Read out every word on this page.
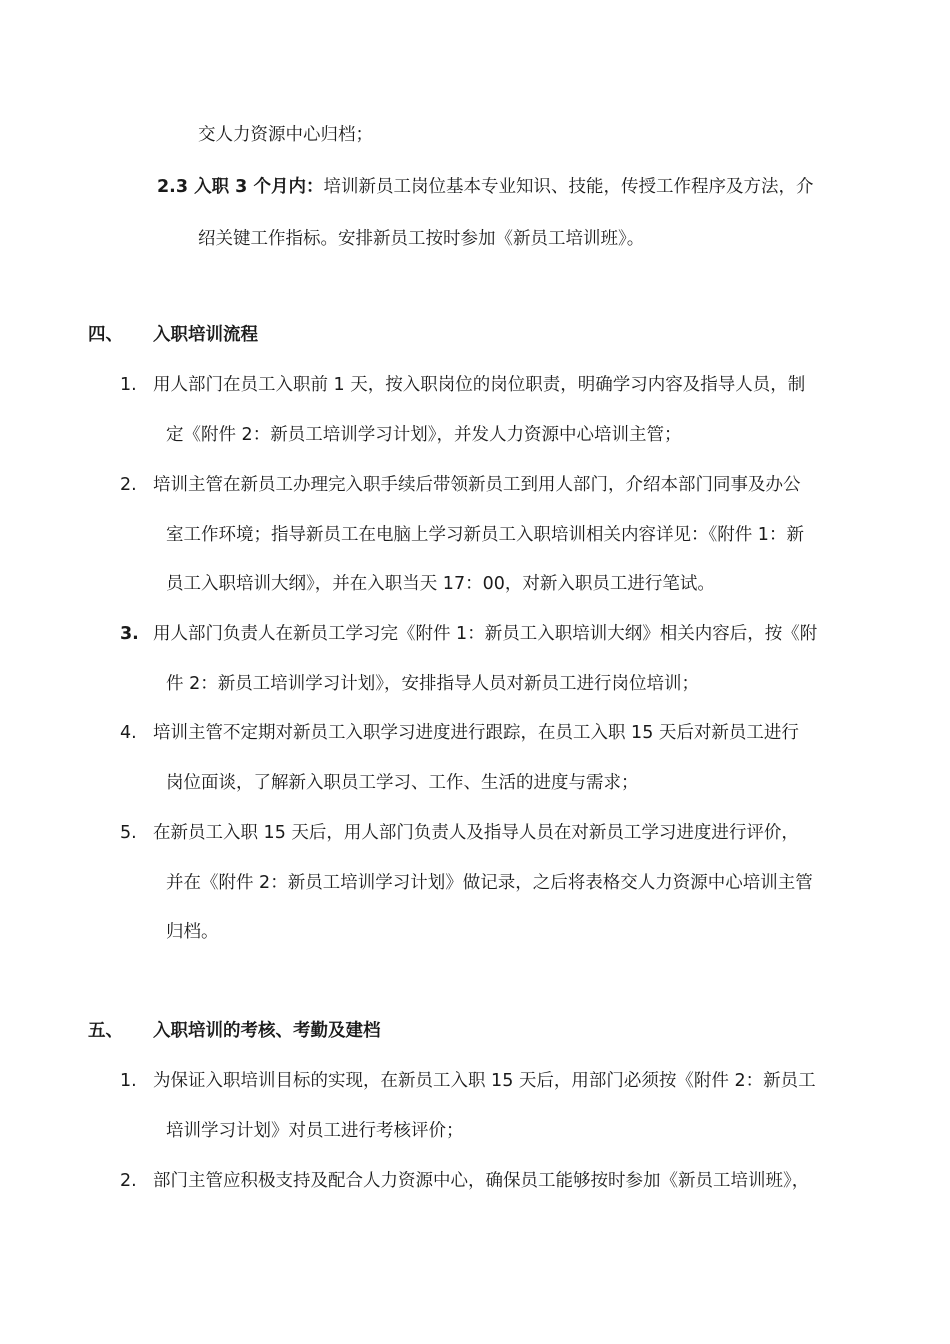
交人力资源中心归档；
2.3 入职 3 个月内：培训新员工岗位基本专业知识、技能，传授工作程序及方法，介
绍关键工作指标。安排新员工按时参加《新员工培训班》。
四、 入职培训流程
1. 用人部门在员工入职前 1 天，按入职岗位的岗位职责，明确学习内容及指导人员，制
定《附件 2：新员工培训学习计划》，并发人力资源中心培训主管；
2. 培训主管在新员工办理完入职手续后带领新员工到用人部门，介绍本部门同事及办公
室工作环境；指导新员工在电脑上学习新员工入职培训相关内容详见：《附件 1：新
员工入职培训大纲》，并在入职当天 17：00，对新入职员工进行笔试。
3. 用人部门负责人在新员工学习完《附件 1：新员工入职培训大纲》相关内容后，按《附
件 2：新员工培训学习计划》，安排指导人员对新员工进行岗位培训；
4. 培训主管不定期对新员工入职学习进度进行跟踪，在员工入职 15 天后对新员工进行
岗位面谈，了解新入职员工学习、工作、生活的进度与需求；
5. 在新员工入职 15 天后，用人部门负责人及指导人员在对新员工学习进度进行评价，
并在《附件 2：新员工培训学习计划》做记录，之后将表格交人力资源中心培训主管
归档。
五、 入职培训的考核、考勤及建档
1. 为保证入职培训目标的实现，在新员工入职 15 天后，用部门必须按《附件 2：新员工
培训学习计划》对员工进行考核评价；
2. 部门主管应积极支持及配合人力资源中心，确保员工能够按时参加《新员工培训班》，
